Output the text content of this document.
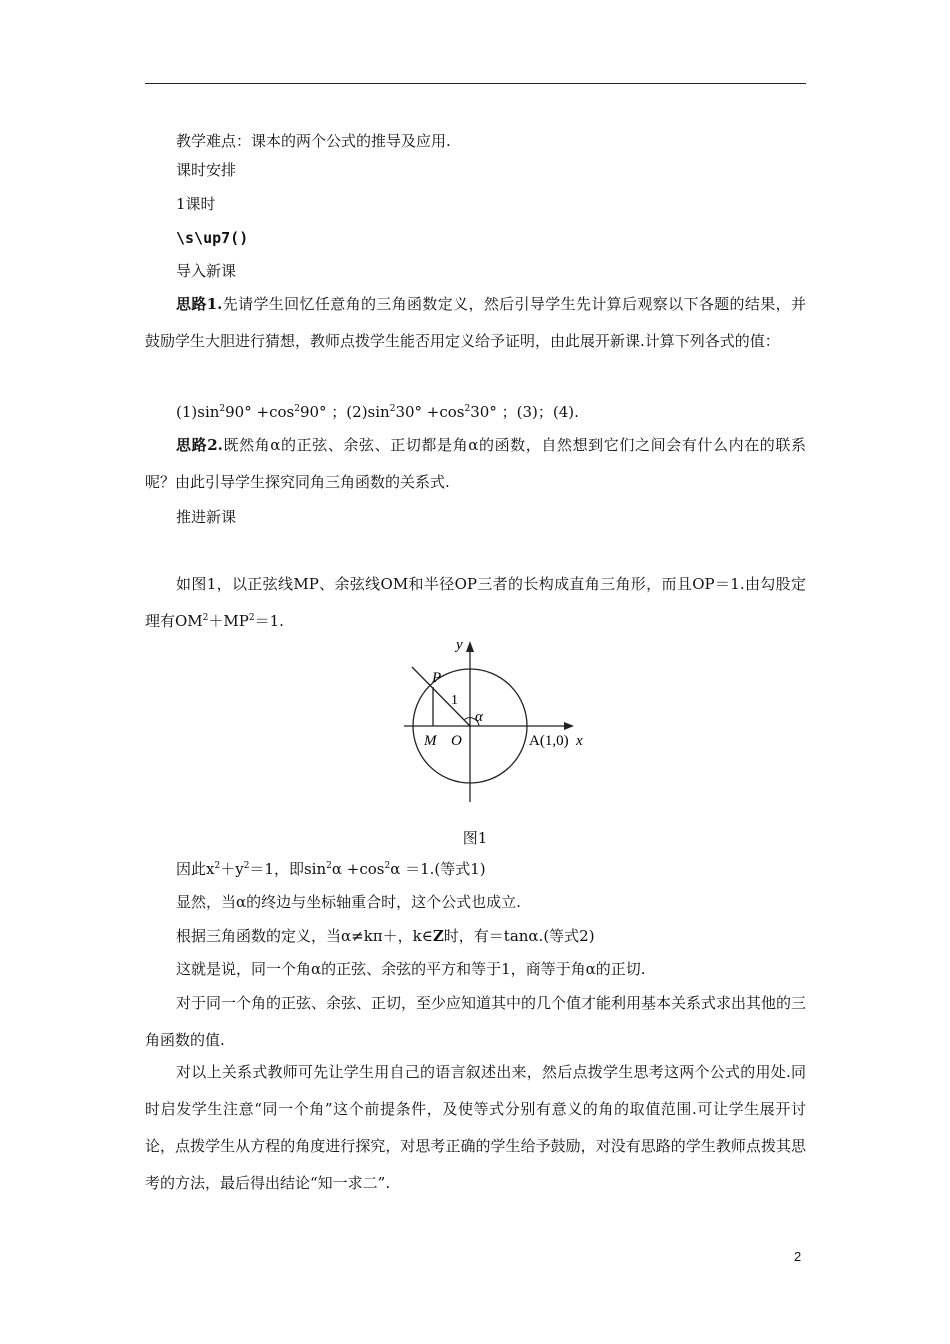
教学难点：课本的两个公式的推导及应用.
课时安排
1课时
\s\up7()
导入新课
思路1.先请学生回忆任意角的三角函数定义，然后引导学生先计算后观察以下各题的结果，并鼓励学生大胆进行猜想，教师点拨学生能否用定义给予证明，由此展开新课.计算下列各式的值：
$(1)\sin^290^\circ +\cos^290^\circ$ ；$(2)\sin^230^\circ +\cos^230^\circ$ ；(3)；(4).
思路2.既然角α的正弦、余弦、正切都是角α的函数，自然想到它们之间会有什么内在的联系呢？由此引导学生探究同角三角函数的关系式.
推进新课
如图1，以正弦线MP、余弦线OM和半径OP三者的长构成直角三角形，而且OP＝1.由勾股定理有$OM^2+MP^2=1$.
y
x
P
1
α
M O	A(1,0)
图1
因此$x^2+y^2=1$，即$\sin^2\alpha +\cos^2\alpha =1$.(等式1)
显然，当α的终边与坐标轴重合时，这个公式也成立.
根据三角函数的定义，当α≠kπ＋，k∈Z时，有＝tanα.(等式2)
这就是说，同一个角α的正弦、余弦的平方和等于1，商等于角α的正切.
对于同一个角的正弦、余弦、正切，至少应知道其中的几个值才能利用基本关系式求出其他的三角函数的值.
对以上关系式教师可先让学生用自己的语言叙述出来，然后点拨学生思考这两个公式的用处.同时启发学生注意“同一个角”这个前提条件，及使等式分别有意义的角的取值范围.可让学生展开讨论，点拨学生从方程的角度进行探究，对思考正确的学生给予鼓励，对没有思路的学生教师点拨其思考的方法，最后得出结论“知一求二”.
2
